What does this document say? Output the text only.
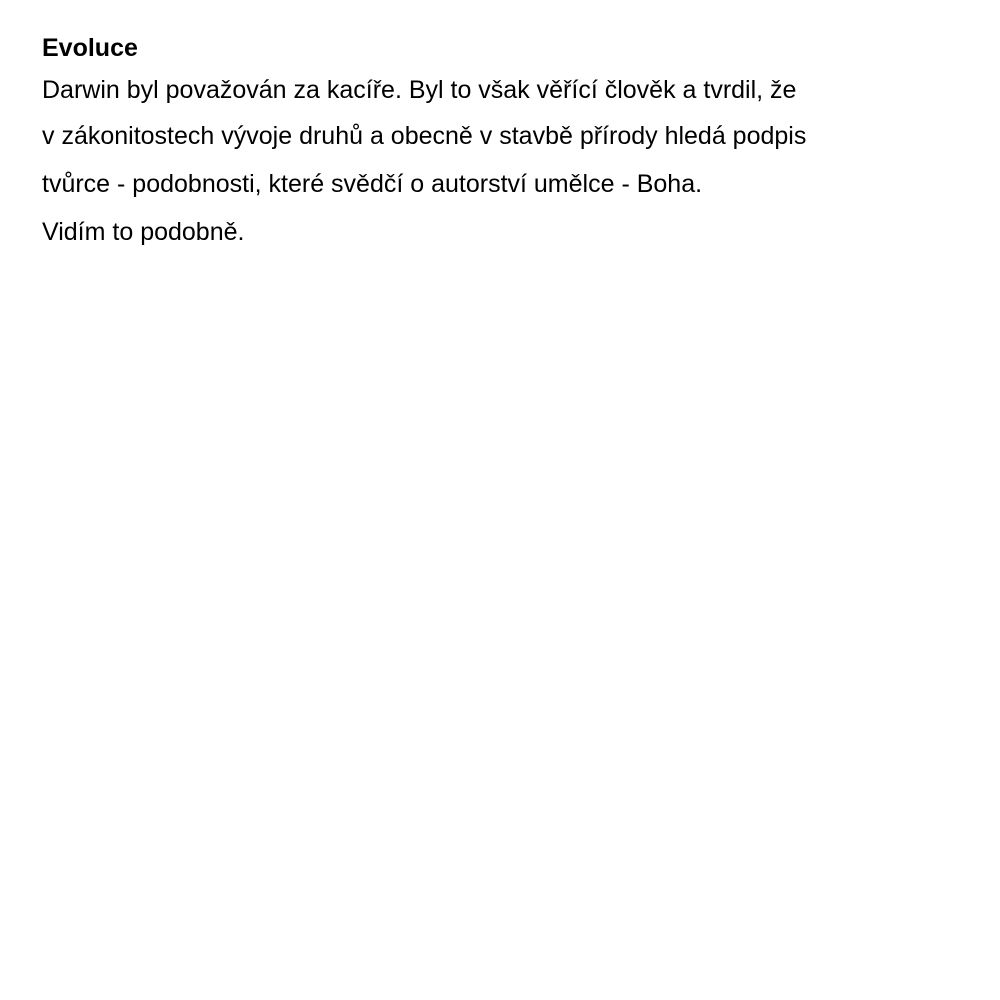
Evoluce

Darwin byl považován za kacíře. Byl to však věřící člověk a tvrdil, že

v zákonitostech vývoje druhů a obecně v stavbě přírody hledá podpis

tvůrce - podobnosti, které svědčí o autorství umělce - Boha.

Vidím to podobně.
